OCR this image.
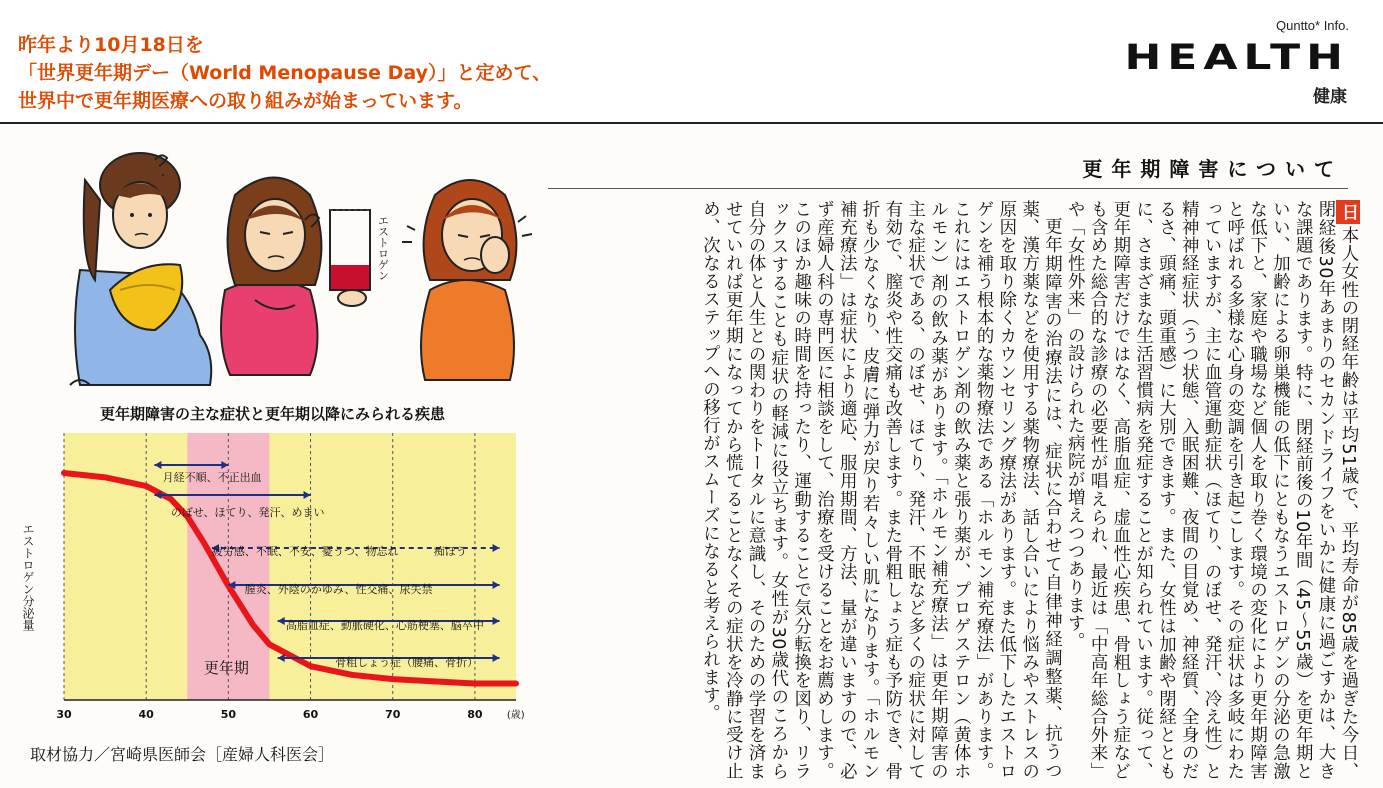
昨年より10月18日を
「世界更年期デー（World Menopause Day）」と定めて、
世界中で更年期医療への取り組みが始まっています。
Quntto* Info.
HEALTH
健康
エストロゲン
更年期障害の主な症状と更年期以降にみられる疾患
30	40	50	60	70	80 (歳)
エストロゲン分泌量
更年期
月経不順、不正出血
のぼせ、ほてり、発汗、めまい
疲労感、不眠、不安、憂うつ、物忘れ	痴ほう
膣炎、外陰のかゆみ、性交痛、尿失禁
高脂血症、動脈硬化、心筋梗塞、脳卒中
骨粗しょう症（腰痛、骨折）
取材協力／宮崎県医師会［産婦人科医会］
更年期障害について

日本人女性の閉経年齢は平均51歳で、平均寿命が85歳を過ぎた今日、閉経後30年あまりのセカンドライフをいかに健康に過ごすかは、大きな課題であります。特に、閉経前後の10年間（45〜55歳）を更年期といい、加齢による卵巣機能の低下にともなうエストロゲンの分泌の急激な低下と、家庭や職場など個人を取り巻く環境の変化により更年期障害と呼ばれる多様な心身の変調を引き起こします。その症状は多岐にわたっていますが、主に血管運動症状（ほてり、のぼせ、発汗、冷え性）と精神神経症状（うつ状態、入眠困難、夜間の目覚め、神経質、全身のだるさ、頭痛、頭重感）に大別できます。また、女性は加齢や閉経とともに、さまざまな生活習慣病を発症することが知られています。従って、更年期障害だけではなく、高脂血症、虚血性心疾患、骨粗しょう症なども含めた総合的な診療の必要性が唱えられ、最近は「中高年総合外来」や「女性外来」の設けられた病院が増えつつあります。

更年期障害の治療法には、症状に合わせて自律神経調整薬、抗うつ薬、漢方薬などを使用する薬物療法、話し合いにより悩みやストレスの原因を取り除くカウンセリング療法があります。また低下したエストロゲンを補う根本的な薬物療法である「ホルモン補充療法」があります。これにはエストロゲン剤の飲み薬と張り薬が、プロゲステロン（黄体ホルモン）剤の飲み薬があります。「ホルモン補充療法」は更年期障害の主な症状である、のぼせ、ほてり、発汗、不眠など多くの症状に対して有効で、膣炎や性交痛も改善します。また骨粗しょう症も予防でき、骨折も少なくなり、皮膚に弾力が戻り若々しい肌になります。「ホルモン補充療法」は症状により適応、服用期間、方法、量が違いますので、必ず産婦人科の専門医に相談をして、治療を受けることをお薦めします。このほか趣味の時間を持ったり、運動することで気分転換を図り、リラックスすることも症状の軽減に役立ちます。女性が30歳代のころから自分の体と人生との関わりをトータルに意識し、そのための学習を済ませていれば更年期になってから慌てることなくその症状を冷静に受け止め、次なるステップへの移行がスムーズになると考えられます。
